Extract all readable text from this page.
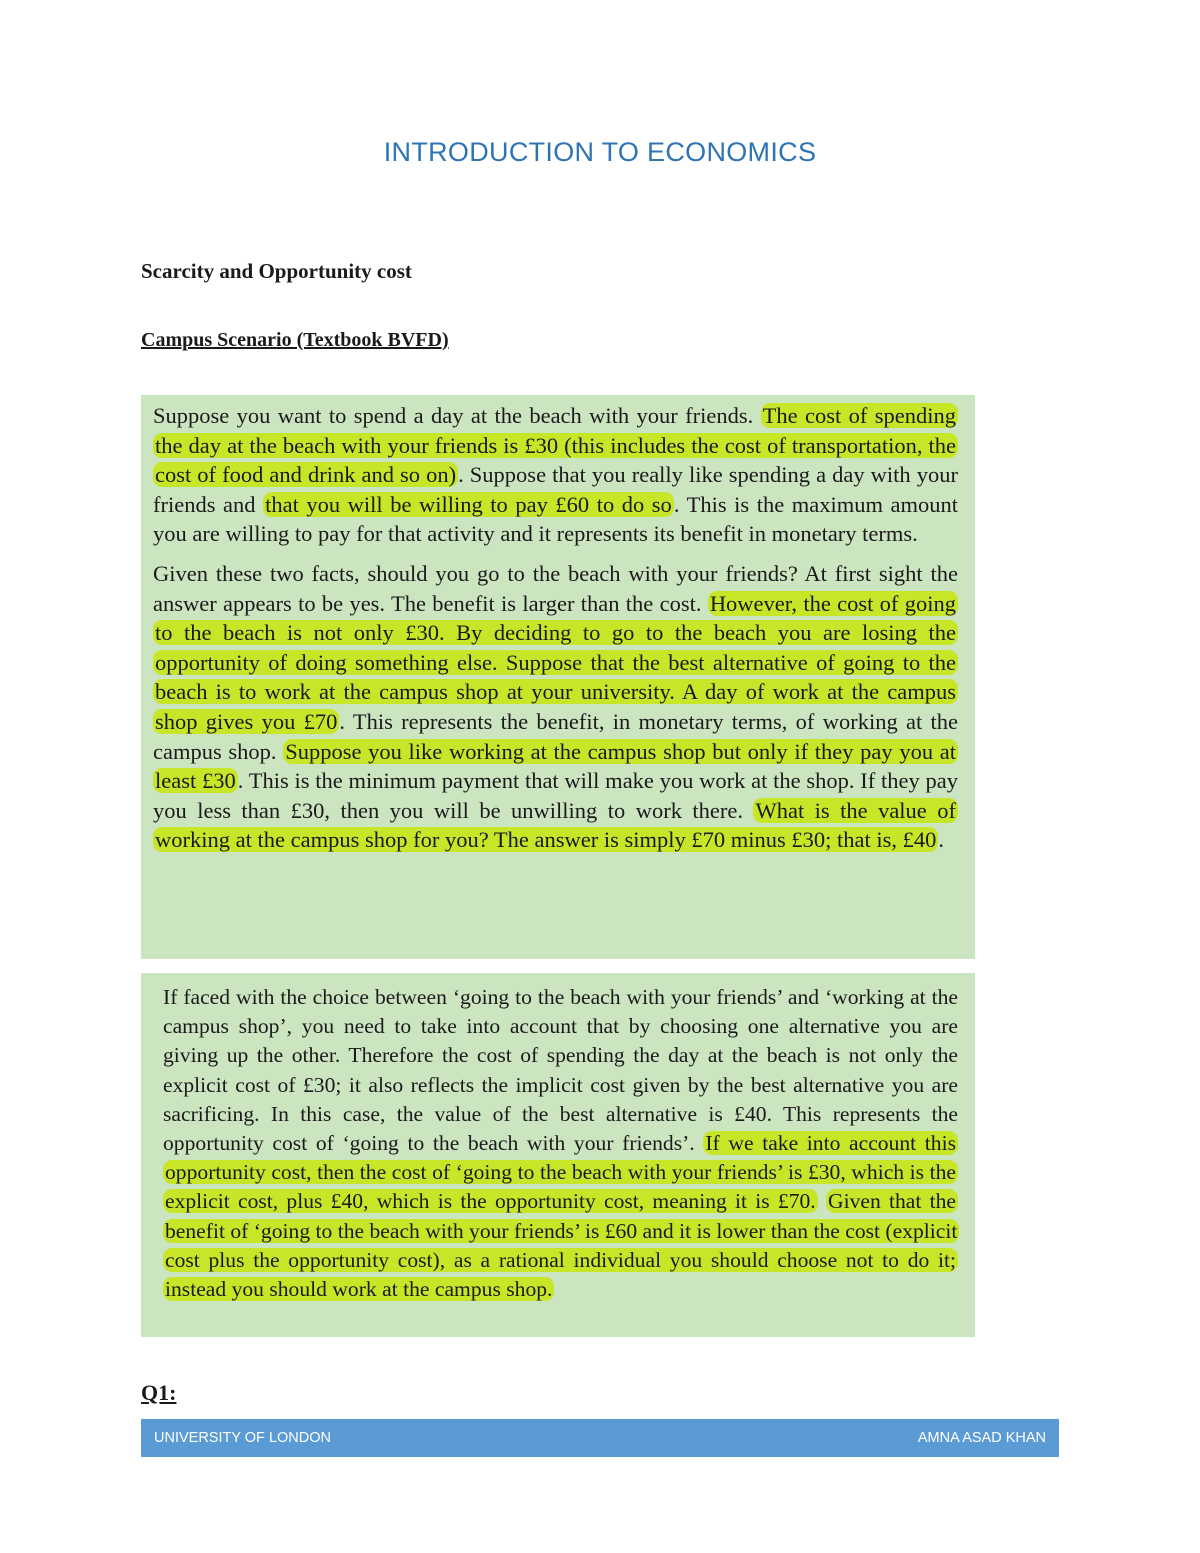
INTRODUCTION TO ECONOMICS
Scarcity and Opportunity cost
Campus Scenario (Textbook BVFD)

Suppose you want to spend a day at the beach with your friends. The cost of spending the day at the beach with your friends is £30 (this includes the cost of transportation, the cost of food and drink and so on). Suppose that you really like spending a day with your friends and that you will be willing to pay £60 to do so. This is the maximum amount you are willing to pay for that activity and it represents its benefit in monetary terms.

Given these two facts, should you go to the beach with your friends? At first sight the answer appears to be yes. The benefit is larger than the cost. However, the cost of going to the beach is not only £30. By deciding to go to the beach you are losing the opportunity of doing something else. Suppose that the best alternative of going to the beach is to work at the campus shop at your university. A day of work at the campus shop gives you £70. This represents the benefit, in monetary terms, of working at the campus shop. Suppose you like working at the campus shop but only if they pay you at least £30. This is the minimum payment that will make you work at the shop. If they pay you less than £30, then you will be unwilling to work there. What is the value of working at the campus shop for you? The answer is simply £70 minus £30; that is, £40.

If faced with the choice between ‘going to the beach with your friends’ and ‘working at the campus shop’, you need to take into account that by choosing one alternative you are giving up the other. Therefore the cost of spending the day at the beach is not only the explicit cost of £30; it also reflects the implicit cost given by the best alternative you are sacrificing. In this case, the value of the best alternative is £40. This represents the opportunity cost of ‘going to the beach with your friends’. If we take into account this opportunity cost, then the cost of ‘going to the beach with your friends’ is £30, which is the explicit cost, plus £40, which is the opportunity cost, meaning it is £70. Given that the benefit of ‘going to the beach with your friends’ is £60 and it is lower than the cost (explicit cost plus the opportunity cost), as a rational individual you should choose not to do it; instead you should work at the campus shop.

Q1:
UNIVERSITY OF LONDON	AMNA ASAD KHAN
